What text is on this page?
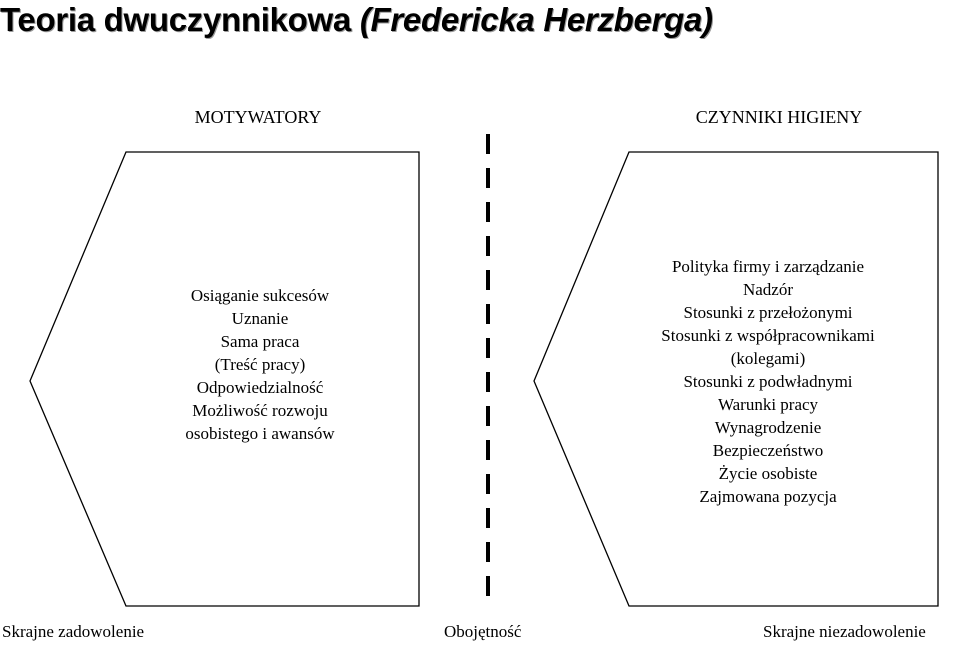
Teoria dwuczynnikowa (Fredericka Herzberga)
MOTYWATORY	CZYNNIKI HIGIENY
Osiąganie sukcesów
Uznanie
Sama praca
(Treść pracy)
Odpowiedzialność
Możliwość rozwoju
osobistego i awansów
Polityka firmy i zarządzanie
Nadzór
Stosunki z przełożonymi
Stosunki z współpracownikami
(kolegami)
Stosunki z podwładnymi
Warunki pracy
Wynagrodzenie
Bezpieczeństwo
Życie osobiste
Zajmowana pozycja
Skrajne zadowolenie	Obojętność	Skrajne niezadowolenie
